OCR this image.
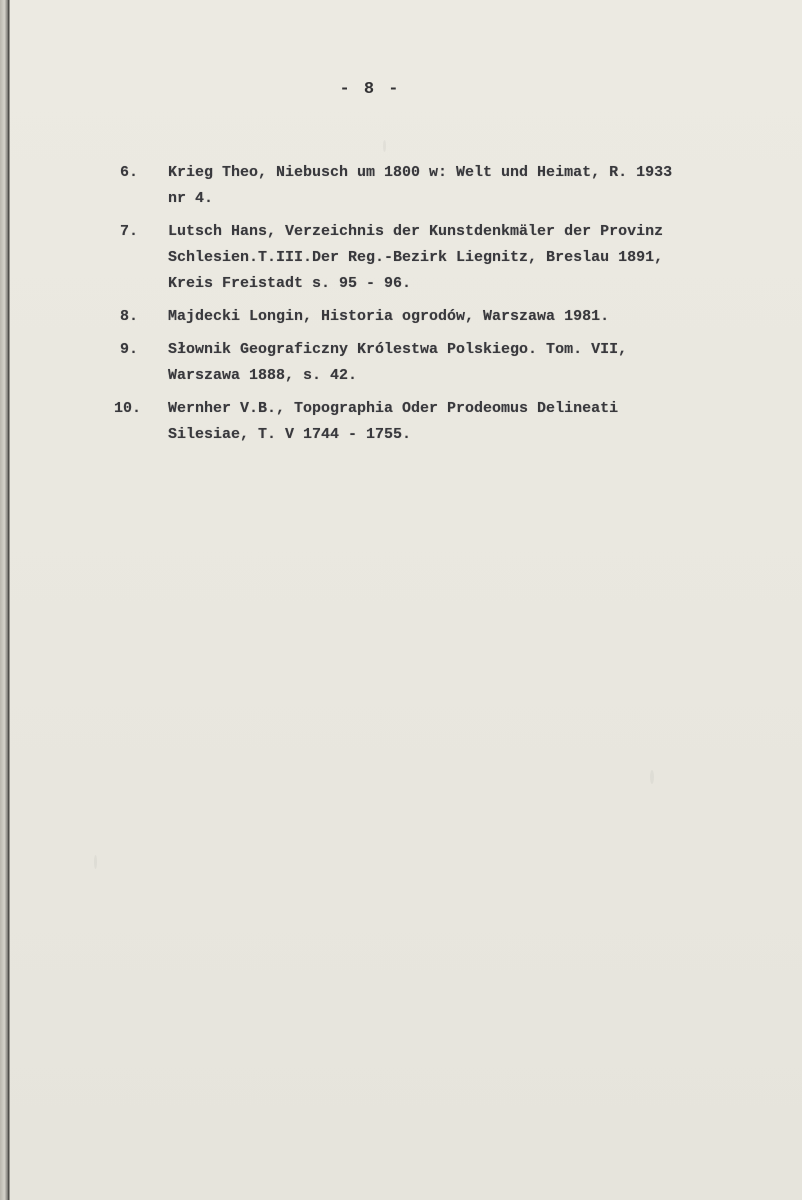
- 8 -
6.	Krieg Theo, Niebusch um 1800 w: Welt und Heimat, R. 1933
nr 4.
7.	Lutsch Hans, Verzeichnis der Kunstdenkmäler der Provinz
Schlesien.T.III.Der Reg.-Bezirk Liegnitz, Breslau 1891,
Kreis Freistadt s. 95 - 96.
8.	Majdecki Longin, Historia ogrodów, Warszawa 1981.
9.	Słownik Geograficzny Królestwa Polskiego. Tom. VII,
Warszawa 1888, s. 42.
10.	Wernher V.B., Topographia Oder Prodeomus Delineati
Silesiae, T. V 1744 - 1755.
